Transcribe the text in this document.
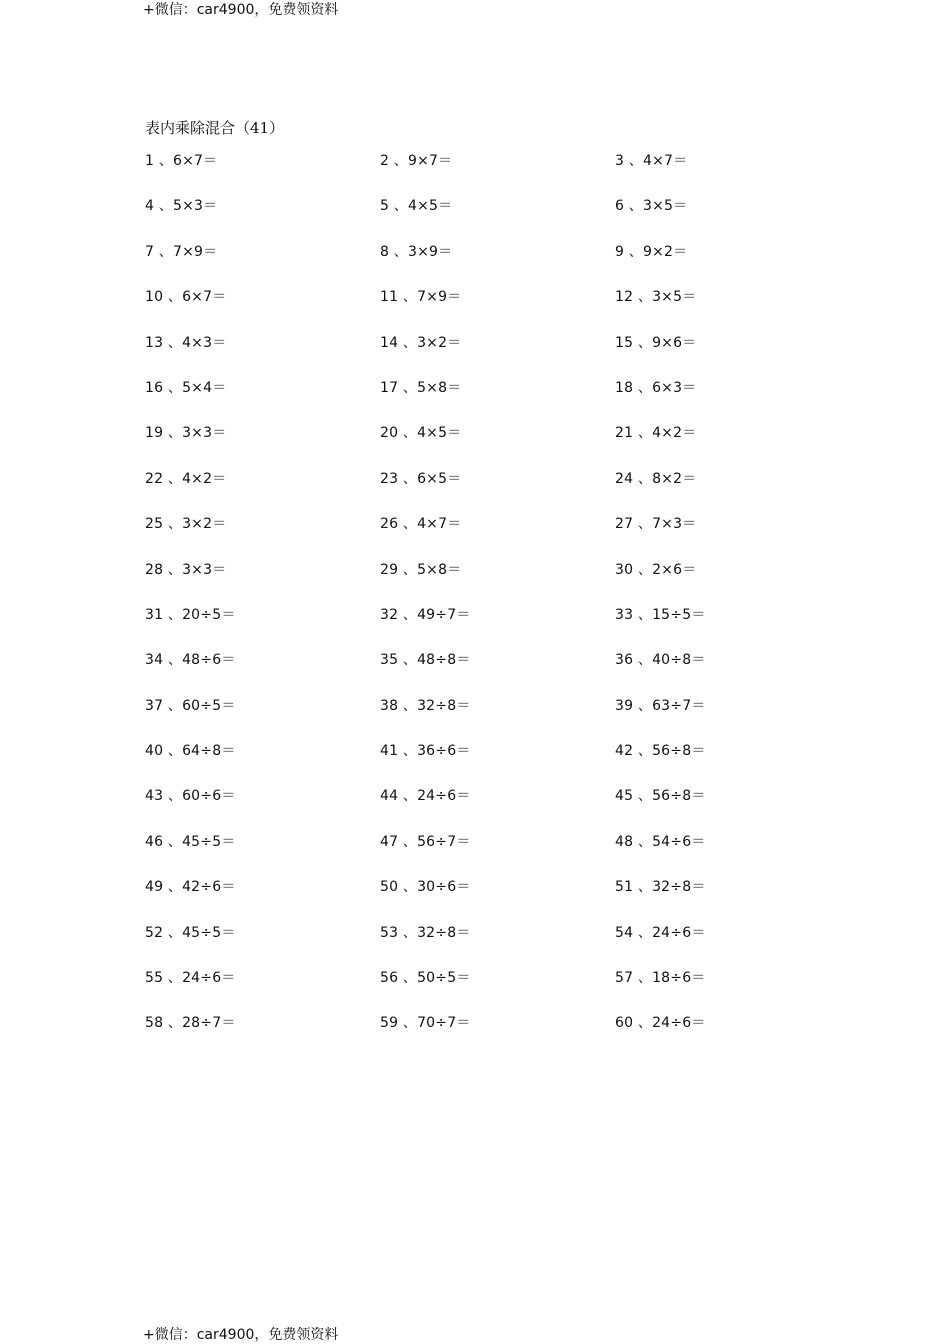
+微信：car4900，免费领资料
表内乘除混合（41）
1 、6×7＝	2 、9×7＝	3 、4×7＝
4 、5×3＝	5 、4×5＝	6 、3×5＝
7 、7×9＝	8 、3×9＝	9 、9×2＝
10 、6×7＝	11 、7×9＝	12 、3×5＝
13 、4×3＝	14 、3×2＝	15 、9×6＝
16 、5×4＝	17 、5×8＝	18 、6×3＝
19 、3×3＝	20 、4×5＝	21 、4×2＝
22 、4×2＝	23 、6×5＝	24 、8×2＝
25 、3×2＝	26 、4×7＝	27 、7×3＝
28 、3×3＝	29 、5×8＝	30 、2×6＝
31 、20÷5＝	32 、49÷7＝	33 、15÷5＝
34 、48÷6＝	35 、48÷8＝	36 、40÷8＝
37 、60÷5＝	38 、32÷8＝	39 、63÷7＝
40 、64÷8＝	41 、36÷6＝	42 、56÷8＝
43 、60÷6＝	44 、24÷6＝	45 、56÷8＝
46 、45÷5＝	47 、56÷7＝	48 、54÷6＝
49 、42÷6＝	50 、30÷6＝	51 、32÷8＝
52 、45÷5＝	53 、32÷8＝	54 、24÷6＝
55 、24÷6＝	56 、50÷5＝	57 、18÷6＝
58 、28÷7＝	59 、70÷7＝	60 、24÷6＝
+微信：car4900，免费领资料
